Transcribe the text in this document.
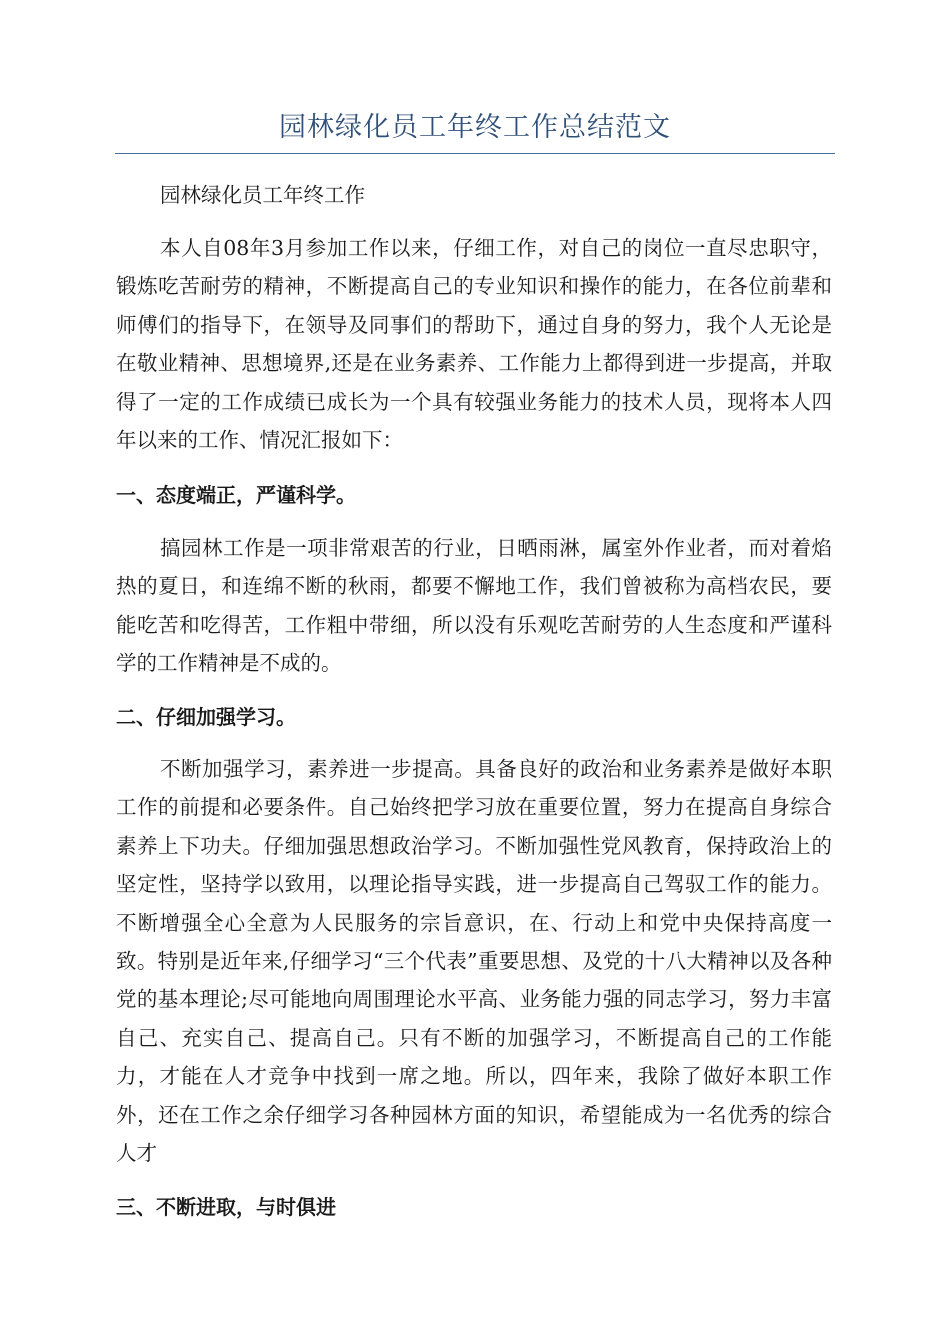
园林绿化员工年终工作总结范文

园林绿化员工年终工作

本人自08年3月参加工作以来，仔细工作，对自己的岗位一直尽忠职守，锻炼吃苦耐劳的精神，不断提高自己的专业知识和操作的能力，在各位前辈和师傅们的指导下，在领导及同事们的帮助下，通过自身的努力，我个人无论是在敬业精神、思想境界,还是在业务素养、工作能力上都得到进一步提高，并取得了一定的工作成绩已成长为一个具有较强业务能力的技术人员，现将本人四年以来的工作、情况汇报如下：

一、态度端正，严谨科学。

搞园林工作是一项非常艰苦的行业，日晒雨淋，属室外作业者，而对着焰热的夏日，和连绵不断的秋雨，都要不懈地工作，我们曾被称为高档农民，要能吃苦和吃得苦，工作粗中带细，所以没有乐观吃苦耐劳的人生态度和严谨科学的工作精神是不成的。

二、仔细加强学习。

不断加强学习，素养进一步提高。具备良好的政治和业务素养是做好本职工作的前提和必要条件。自己始终把学习放在重要位置，努力在提高自身综合素养上下功夫。仔细加强思想政治学习。不断加强性党风教育，保持政治上的坚定性，坚持学以致用，以理论指导实践，进一步提高自己驾驭工作的能力。不断增强全心全意为人民服务的宗旨意识，在、行动上和党中央保持高度一致。特别是近年来,仔细学习“三个代表”重要思想、及党的十八大精神以及各种党的基本理论;尽可能地向周围理论水平高、业务能力强的同志学习，努力丰富自己、充实自己、提高自己。只有不断的加强学习，不断提高自己的工作能力，才能在人才竞争中找到一席之地。所以，四年来，我除了做好本职工作外，还在工作之余仔细学习各种园林方面的知识，希望能成为一名优秀的综合人才

三、不断进取，与时俱进
